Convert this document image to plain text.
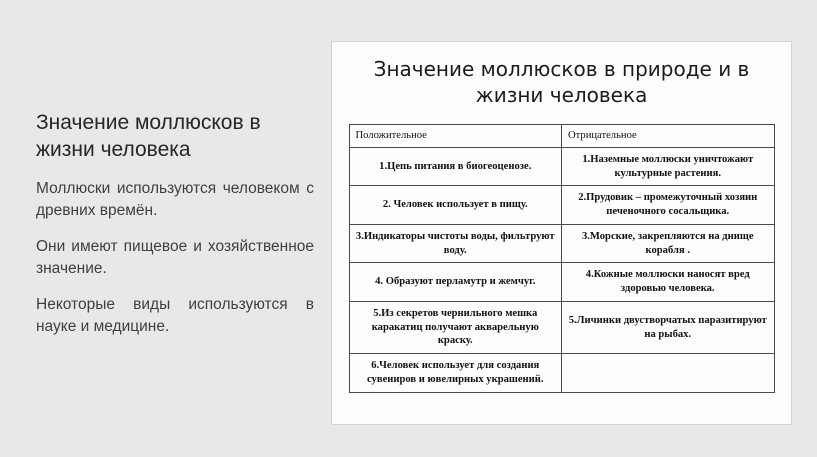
Значение моллюсков в жизни человека

Моллюски используются человеком с древних времён.

Они имеют пищевое и хозяйственное значение.

Некоторые виды используются в науке и медицине.

Значение моллюсков в природе и в жизни человека
Положительное	Отрицательное
1.Цепь питания в биогеоценозе.	1.Наземные моллюски уничтожают культурные растения.
2. Человек использует в пищу.	2.Прудовик – промежуточный хозяин печеночного сосальщика.
3.Индикаторы чистоты воды, фильтруют воду.	3.Морские, закрепляются на днище корабля .
4. Образуют перламутр и жемчуг.	4.Кожные моллюски наносят вред здоровью человека.
5.Из секретов чернильного мешка каракатиц получают акварельную краску.	5.Личинки двустворчатых паразитируют на рыбах.
6.Человек использует для создания сувениров и ювелирных украшений.	
